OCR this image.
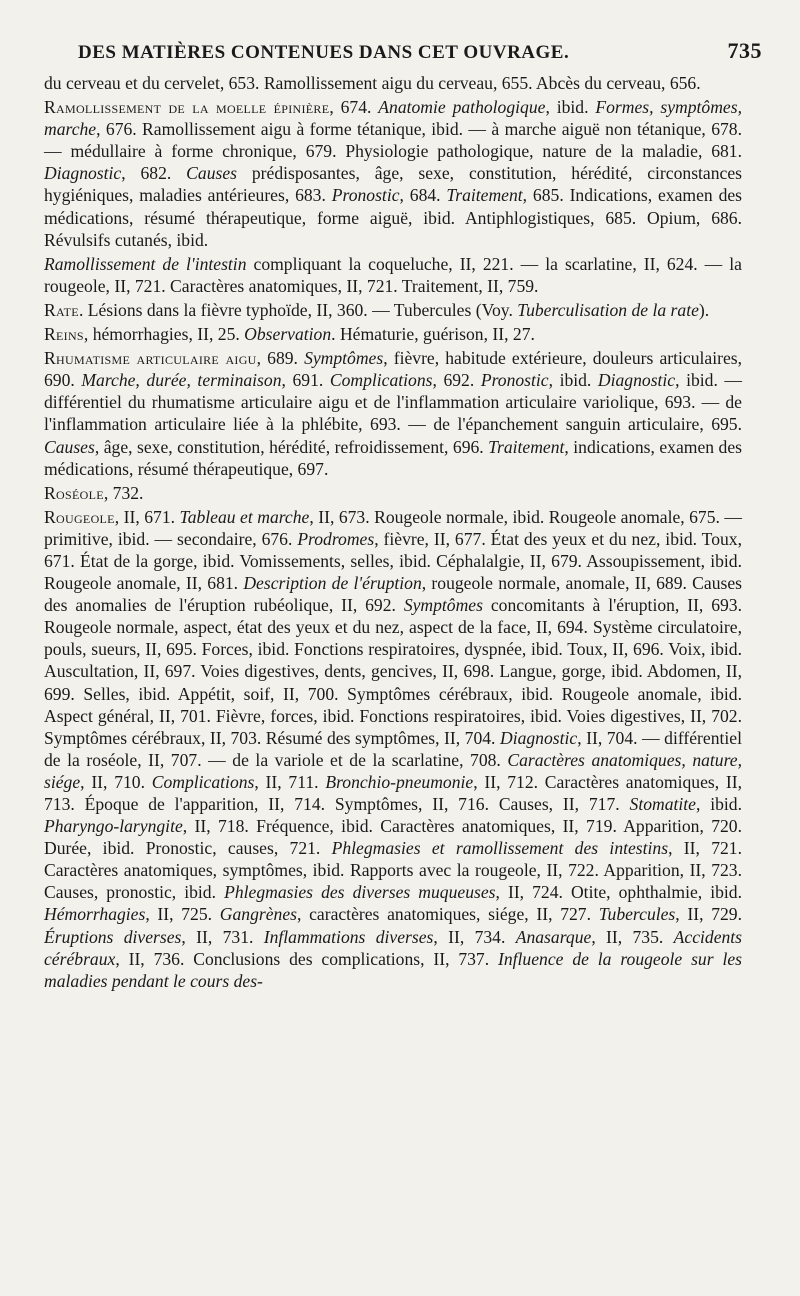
DES MATIÈRES CONTENUES DANS CET OUVRAGE.	735

du cerveau et du cervelet, 653. Ramollissement aigu du cerveau, 655. Abcès du cerveau, 656.

Ramollissement de la moelle épinière, 674. Anatomie pathologique, ibid. Formes, symptômes, marche, 676. Ramollissement aigu à forme tétanique, ibid. — à marche aiguë non tétanique, 678. — médullaire à forme chronique, 679. Physiologie pathologique, nature de la maladie, 681. Diagnostic, 682. Causes prédisposantes, âge, sexe, constitution, hérédité, circonstances hygiéniques, maladies antérieures, 683. Pronostic, 684. Traitement, 685. Indications, examen des médications, résumé thérapeutique, forme aiguë, ibid. Antiphlogistiques, 685. Opium, 686. Révulsifs cutanés, ibid.

Ramollissement de l'intestin compliquant la coqueluche, II, 221. — la scarlatine, II, 624. — la rougeole, II, 721. Caractères anatomiques, II, 721. Traitement, II, 759.

Rate. Lésions dans la fièvre typhoïde, II, 360. — Tubercules (Voy. Tuberculisation de la rate).

Reins, hémorrhagies, II, 25. Observation. Hématurie, guérison, II, 27.

Rhumatisme articulaire aigu, 689. Symptômes, fièvre, habitude extérieure, douleurs articulaires, 690. Marche, durée, terminaison, 691. Complications, 692. Pronostic, ibid. Diagnostic, ibid. — différentiel du rhumatisme articulaire aigu et de l'inflammation articulaire variolique, 693. — de l'inflammation articulaire liée à la phlébite, 693. — de l'épanchement sanguin articulaire, 695. Causes, âge, sexe, constitution, hérédité, refroidissement, 696. Traitement, indications, examen des médications, résumé thérapeutique, 697.

Roséole, 732.

Rougeole, II, 671. Tableau et marche, II, 673. Rougeole normale, ibid. Rougeole anomale, 675. — primitive, ibid. — secondaire, 676. Prodromes, fièvre, II, 677. État des yeux et du nez, ibid. Toux, 671. État de la gorge, ibid. Vomissements, selles, ibid. Céphalalgie, II, 679. Assoupissement, ibid. Rougeole anomale, II, 681. Description de l'éruption, rougeole normale, anomale, II, 689. Causes des anomalies de l'éruption rubéolique, II, 692. Symptômes concomitants à l'éruption, II, 693. Rougeole normale, aspect, état des yeux et du nez, aspect de la face, II, 694. Système circulatoire, pouls, sueurs, II, 695. Forces, ibid. Fonctions respiratoires, dyspnée, ibid. Toux, II, 696. Voix, ibid. Auscultation, II, 697. Voies digestives, dents, gencives, II, 698. Langue, gorge, ibid. Abdomen, II, 699. Selles, ibid. Appétit, soif, II, 700. Symptômes cérébraux, ibid. Rougeole anomale, ibid. Aspect général, II, 701. Fièvre, forces, ibid. Fonctions respiratoires, ibid. Voies digestives, II, 702. Symptômes cérébraux, II, 703. Résumé des symptômes, II, 704. Diagnostic, II, 704. — différentiel de la roséole, II, 707. — de la variole et de la scarlatine, 708. Caractères anatomiques, nature, siége, II, 710. Complications, II, 711. Bronchio-pneumonie, II, 712. Caractères anatomiques, II, 713. Époque de l'apparition, II, 714. Symptômes, II, 716. Causes, II, 717. Stomatite, ibid. Pharyngo-laryngite, II, 718. Fréquence, ibid. Caractères anatomiques, II, 719. Apparition, 720. Durée, ibid. Pronostic, causes, 721. Phlegmasies et ramollissement des intestins, II, 721. Caractères anatomiques, symptômes, ibid. Rapports avec la rougeole, II, 722. Apparition, II, 723. Causes, pronostic, ibid. Phlegmasies des diverses muqueuses, II, 724. Otite, ophthalmie, ibid. Hémorrhagies, II, 725. Gangrènes, caractères anatomiques, siége, II, 727. Tubercules, II, 729. Éruptions diverses, II, 731. Inflammations diverses, II, 734. Anasarque, II, 735. Accidents cérébraux, II, 736. Conclusions des complications, II, 737. Influence de la rougeole sur les maladies pendant le cours des-
